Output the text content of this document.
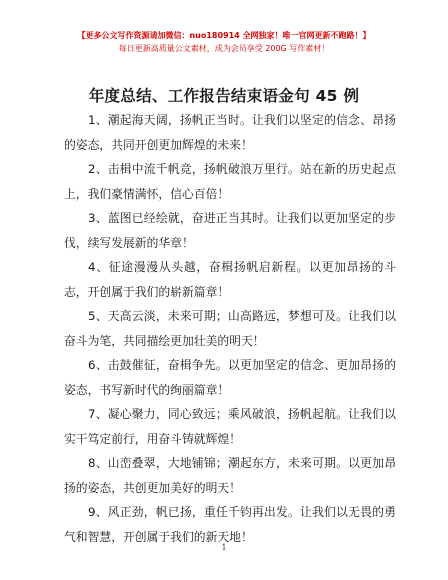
【更多公文写作资源请加微信：nuo180914 全网独家！唯一官网更新不跑路！】
每日更新高质量公文素材，成为会员享受 200G 写作素材！
年度总结、工作报告结束语金句 45 例

1、潮起海天阔，扬帆正当时。让我们以坚定的信念、昂扬的姿态，共同开创更加辉煌的未来！

2、击楫中流千帆竞，扬帆破浪万里行。站在新的历史起点上，我们豪情满怀，信心百倍！

3、蓝图已经绘就，奋进正当其时。让我们以更加坚定的步伐，续写发展新的华章！

4、征途漫漫从头越，奋楫扬帆启新程。以更加昂扬的斗志，开创属于我们的崭新篇章！

5、天高云淡，未来可期；山高路远，梦想可及。让我们以奋斗为笔，共同描绘更加壮美的明天！

6、击鼓催征，奋楫争先。以更加坚定的信念、更加昂扬的姿态，书写新时代的绚丽篇章！

7、凝心聚力，同心致远；乘风破浪，扬帆起航。让我们以实干笃定前行，用奋斗铸就辉煌！

8、山峦叠翠，大地铺锦；潮起东方，未来可期。以更加昂扬的姿态，共创更加美好的明天！

9、风正劲，帆已扬，重任千钧再出发。让我们以无畏的勇气和智慧，开创属于我们的新天地！

1
